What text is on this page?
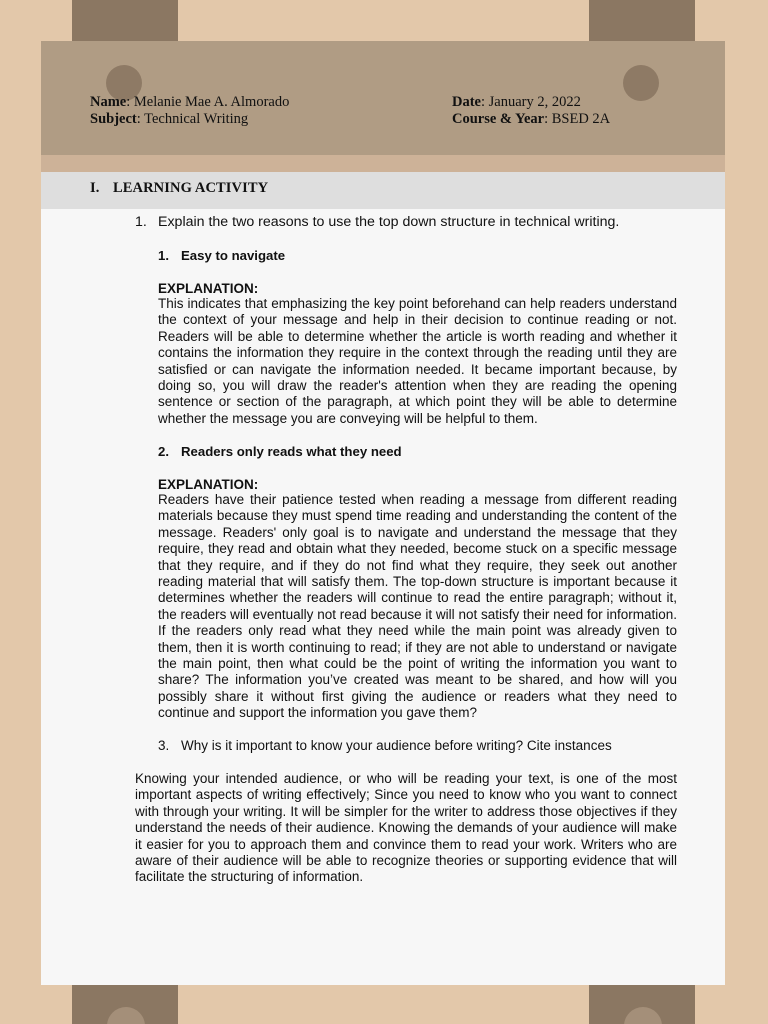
Name: Melanie Mae A. Almorado
Subject: Technical Writing
Date: January 2, 2022
Course & Year: BSED 2A
I. LEARNING ACTIVITY
1. Explain the two reasons to use the top down structure in technical writing.
1. Easy to navigate
EXPLANATION:
This indicates that emphasizing the key point beforehand can help readers understand the context of your message and help in their decision to continue reading or not. Readers will be able to determine whether the article is worth reading and whether it contains the information they require in the context through the reading until they are satisfied or can navigate the information needed. It became important because, by doing so, you will draw the reader's attention when they are reading the opening sentence or section of the paragraph, at which point they will be able to determine whether the message you are conveying will be helpful to them.
2. Readers only reads what they need
EXPLANATION:
Readers have their patience tested when reading a message from different reading materials because they must spend time reading and understanding the content of the message. Readers' only goal is to navigate and understand the message that they require, they read and obtain what they needed, become stuck on a specific message that they require, and if they do not find what they require, they seek out another reading material that will satisfy them. The top-down structure is important because it determines whether the readers will continue to read the entire paragraph; without it, the readers will eventually not read because it will not satisfy their need for information. If the readers only read what they need while the main point was already given to them, then it is worth continuing to read; if they are not able to understand or navigate the main point, then what could be the point of writing the information you want to share? The information you’ve created was meant to be shared, and how will you possibly share it without first giving the audience or readers what they need to continue and support the information you gave them?
3. Why is it important to know your audience before writing? Cite instances
Knowing your intended audience, or who will be reading your text, is one of the most important aspects of writing effectively; Since you need to know who you want to connect with through your writing. It will be simpler for the writer to address those objectives if they understand the needs of their audience. Knowing the demands of your audience will make it easier for you to approach them and convince them to read your work. Writers who are aware of their audience will be able to recognize theories or supporting evidence that will facilitate the structuring of information.
